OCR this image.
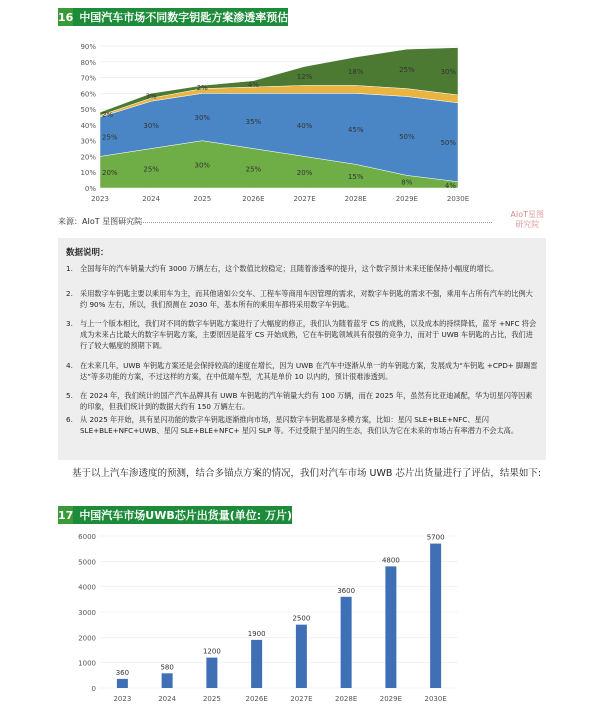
16 中国汽车市场不同数字钥匙方案渗透率预估
0%
10%
20%
30%
40%
50%
60%
70%
80%
90%
20%	25%	30%	25%	20%	15%
8%	4%
25%
30%
30%	35%	40%	45%
50%
50%
2%
3%
2%	4%
12%
18%	25%	30%
2023	2024	2025	2026E	2027E	2028E	2029E	2030E
来源：AIoT 星图研究院
AIoT星图
研究院
数据说明：
1. 全国每年的汽车销量大约有 3000 万辆左右，这个数值比较稳定；且随着渗透率的提升，这个数字预计未来还能保持小幅度的增长。
2. 采用数字车钥匙主要以乘用车为主，而其他诸如公交车、工程车等商用车因管理的需求，对数字车钥匙的需求不强，乘用车占所有汽车的比例大约 90% 左右，所以，我们预测在 2030 年，基本所有的乘用车都将采用数字车钥匙。
3. 与上一个版本相比，我们对不同的数字车钥匙方案进行了大幅度的修正，我们认为随着蓝牙 CS 的成熟，以及成本的持续降低，蓝牙 +NFC 将会成为未来占比最大的数字车钥匙方案，主要原因是蓝牙 CS 开始成熟，它在车钥匙领域具有很强的竞争力，而对于 UWB 车钥匙的占比，我们进行了较大幅度的预期下调。
4. 在未来几年，UWB 车钥匙方案还是会保持较高的速度在增长，因为 UWB 在汽车中逐渐从单一的车钥匙方案，发展成为“车钥匙 +CPD+ 脚踢雷达”等多功能的方案，不过这样的方案，在中低端车型，尤其是单价 10 以内的，预计很难渗透到。
5. 在 2024 年，我们统计的国产汽车品牌具有 UWB 车钥匙的汽车销量大约有 100 万辆，而在 2025 年，虽然有比亚迪减配，华为切星闪等因素的印象，但我们统计到的数据大约有 150 万辆左右。
6. 从 2025 年开始，具有星闪功能的数字车钥匙逐渐推向市场，星闪数字车钥匙都是多模方案，比如：星闪 SLE+BLE+NFC、星闪 SLE+BLE+NFC+UWB、星闪 SLE+BLE+NFC+ 星闪 SLP 等。不过受限于星闪的生态，我们认为它在未来的市场占有率潜力不会太高。
基于以上汽车渗透度的预测，结合多锚点方案的情况，我们对汽车市场 UWB 芯片出货量进行了评估，结果如下:
17 中国汽车市场UWB芯片出货量(单位: 万片)
0
1000
2000
3000
4000
5000
6000
360
2023
580
2024
1200
2025
1900
2026E
2500
2027E
3600
2028E
4800
2029E
5700
2030E
